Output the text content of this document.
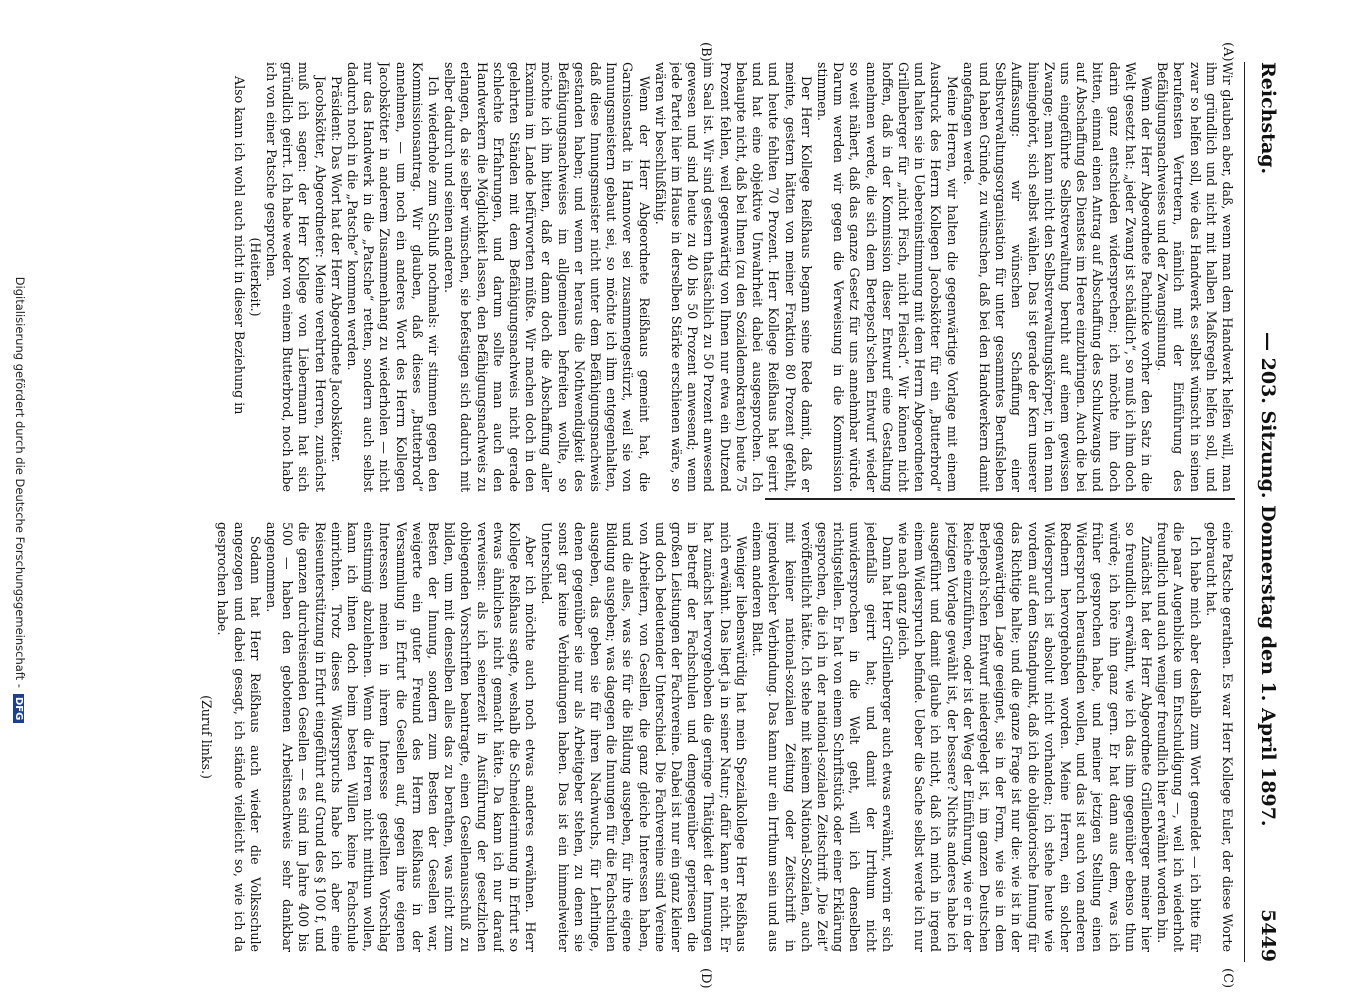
Reichstag.
— 203. Sitzung. Donnerstag den 1. April 1897.
5449
(A)
(B)
(C)
(D)

Wir glauben aber, daß, wenn man dem Handwerk helfen will, man ihm gründlich und nicht mit halben Maßregeln helfen soll, und zwar so helfen soll, wie das Handwerk es selbst wünscht in seinen berufensten Vertretern, nämlich mit der Einführung des Befähigungsnachweises und der Zwangsinnung.

Wenn der Herr Abgeordnete Pachnicke vorher den Satz in die Welt gesetzt hat: „jeder Zwang ist schädlich“, so muß ich ihm doch darin ganz entschieden widersprechen; ich möchte ihn doch bitten, einmal einen Antrag auf Abschaffung des Schulzwangs und auf Abschaffung des Dienstes im Heere einzubringen. Auch die bei uns eingeführte Selbstverwaltung beruht auf einem gewissen Zwange; man kann nicht den Selbstverwaltungskörper, in den man hineingehört, sich selbst wählen. Das ist gerade der Kern unserer Auffassung: wir wünschen Schaffung einer Selbstverwaltungsorganisation für unter gesammtes Berufsleben und haben Gründe, zu wünschen, daß bei den Handwerkern damit angefangen werde.

Meine Herren, wir halten die gegenwärtige Vorlage mit einem Ausdruck des Herrn Kollegen Jacobskötter für ein „Butterbrod“ und halten sie in Uebereinstimmung mit dem Herrn Abgeordneten Grillenberger für „nicht Fisch, nicht Fleisch“. Wir können nicht hoffen, daß in der Kommission dieser Entwurf eine Gestaltung annehmen werde, die sich dem Bertepsch'schen Entwurf wieder so weit nähert, daß das ganze Gesetz für uns annehmbar würde. Darum werden wir gegen die Verweisung in die Kommission stimmen.

Der Herr Kollege Reißhaus begann seine Rede damit, daß er meinte, gestern hätten von meiner Fraktion 80 Prozent gefehlt, und heute fehlten 70 Prozent. Herr Kollege Reißhaus hat geirrt und hat eine objektive Unwahrheit dabei ausgesprochen. Ich behaupte nicht, daß bei Ihnen (zu den Sozialdemokraten) heute 75 Prozent fehlen, weil gegenwärtig von Ihnen nur etwa ein Dutzend im Saal ist. Wir sind gestern thatsächlich zu 50 Prozent anwesend gewesen und sind heute zu 40 bis 50 Prozent anwesend; wenn jede Partei hier im Hause in derselben Stärke erschienen wäre, so wären wir beschlußfähig.

Wenn der Herr Abgeordnete Reißhaus gemeint hat, die Garnisonstadt in Hannover sei zusammengestürzt, weil sie von Innungsmeistern gebaut sei, so möchte ich ihm entgegenhalten, daß diese Innungsmeister nicht unter dem Befähigungsnachweis gestanden haben; und wenn er heraus die Nothwendigkeit des Befähigungsnachweises im allgemeinen befreiten wollte, so möchte ich ihn bitten, daß er dann doch die Abschaffung aller Examina im Lande befürworten müßte. Wir machen doch in den gelehrten Ständen mit dem Befähigungsnachweis nicht gerade schlechte Erfahrungen, und darum sollte man auch den Handwerkern die Möglichkeit lassen, den Befähigungsnachweis zu erlangen, da sie selber wünschen, sie befestigen sich dadurch mit selber dadurch und seinen anderen.

Ich wiederhole zum Schluß nochmals: wir stimmen gegen den Kommissionsantrag. Wir glauben, daß dieses „Butterbrod“ annehmen, — um noch ein anderes Wort des Herrn Kollegen Jacobskötter in anderem Zusammenhang zu wiederholen — nicht nur das Handwerk in die „Patsche“ retten, sondern auch selbst dadurch noch in die „Patsche“ kommen werden.

Präsident: Das Wort hat der Herr Abgeordnete Jacobskötter.

Jacobskötter, Abgeordneter: Meine verehrten Herren, zunächst muß ich sagen: der Herr Kollege von Liebermann hat sich gründlich geirrt. Ich habe weder von einem Butterbrod, noch habe ich von einer Patsche gesprochen.

(Heiterkeit.)

Also kann ich wohl auch nicht in dieser Beziehung in

eine Patsche gerathen. Es war Herr Kollege Euler, der diese Worte gebraucht hat.

Ich habe mich aber deshalb zum Wort gemeldet — ich bitte für die paar Augenblicke um Entschuldigung —, weil ich wiederholt freundlich und auch weniger freundlich hier erwähnt worden bin.

Zunächst hat der Herr Abgeordnete Grillenberger meiner hier so freundlich erwähnt, wie ich das ihm gegenüber ebenso thun würde; ich höre ihn ganz gern. Er hat dann aus dem, was ich früher gesprochen habe, und meiner jetzigen Stellung einen Widerspruch herausfinden wollen, und das ist auch von anderen Rednern hervorgehoben worden. Meine Herren, ein solcher Widerspruch ist absolut nicht vorhanden; ich stehe heute wie vordem auf dem Standpunkt, daß ich die obligatorische Innung für das Richtige halte; und die ganze Frage ist nur die: wie ist in der gegenwärtigen Lage geeignet, sie in der Form, wie sie in dem Berlepsch'schen Entwurf niedergelegt ist, im ganzen Deutschen Reiche einzuführen, oder ist der Weg der Einführung, wie er in der jetzigen Vorlage gewählt ist, der bessere? Nichts anderes habe ich ausgeführt und damit glaube ich nicht, daß ich mich in irgend einem Widerspruch befinde. Ueber die Sache selbst werde ich nur wie nach ganz gleich.

Dann hat Herr Grillenberger auch etwas erwähnt, worin er sich jedenfalls geirrt hat; und damit der Irrthum nicht unwidersprochen in die Welt geht, will ich denselben richtigstellen. Er hat von einem Schriftstück oder einer Erklärung gesprochen, die ich in der national-sozialen Zeitschrift „Die Zeit“ veröffentlicht hätte. Ich stehe mit keinem National-Sozialen, auch mit keiner national-sozialen Zeitung oder Zeitschrift in irgendwelcher Verbindung. Das kann nur ein Irrthum sein und aus einem anderen Blatt.

Weniger liebenswürdig hat mein Spezialkollege Herr Reißhaus mich erwähnt. Das liegt ja in seiner Natur; dafür kann er nicht. Er hat zunächst hervorgehoben die geringe Thätigkeit der Innungen in Betreff der Fachschulen und demgegenüber gepriesen die großen Leistungen der Fachvereine. Dabei ist nur ein ganz kleiner und doch bedeutender Unterschied. Die Fachvereine sind Vereine von Arbeitern, von Gesellen, die ganz gleiche Interessen haben, und die alles, was sie für die Bildung ausgeben, für ihre eigene Bildung ausgeben; was dagegen die Innungen für die Fachschulen ausgeben, das geben sie für ihren Nachwuchs, für Lehrlinge, denen gegenüber sie nur als Arbeitgeber stehen, zu denen sie sonst gar keine Verbindungen haben. Das ist ein himmelweiter Unterschied.

Aber ich möchte auch noch etwas anderes erwähnen. Herr Kollege Reißhaus sagte, weshalb die Schneiderinnung in Erfurt so etwas ähnliches nicht gemacht hätte. Da kann ich nur darauf verweisen: als ich seinerzeit in Ausführung der gesetzlichen obliegenden Vorschriften beantragte, einen Gesellenausschuß zu bilden, um mit denselben alles das zu berathen, was nicht zum Besten der Innung, sondern zum Besten der Gesellen war, weigerte ein guter Freund des Herrn Reißhaus in der Versammlung in Erfurt die Gesellen auf, gegen ihre eigenen Interessen meinen in ihrem Interesse gestellten Vorschlag einstimmig abzulehnen. Wenn die Herren nicht mitthun wollen, kann ich ihnen doch beim besten Willen keine Fachschule einrichten. Trotz dieses Widerspruchs habe ich aber eine Reiseunterstützung in Erfurt eingeführt auf Grund des § 100 f, und die ganzen durchreisenden Gesellen — es sind im Jahre 400 bis 500 — haben den gebotenen Arbeitsnachweis sehr dankbar angenommen.

Sodann hat Herr Reißhaus auch wieder die Volksschule angezogen und dabei gesagt, ich stände vielleicht so, wie ich da gesprochen habe.

(Zuruf links.)

Digitalisierung gefördert durch die Deutsche Forschungsgemeinschaft -DFG
